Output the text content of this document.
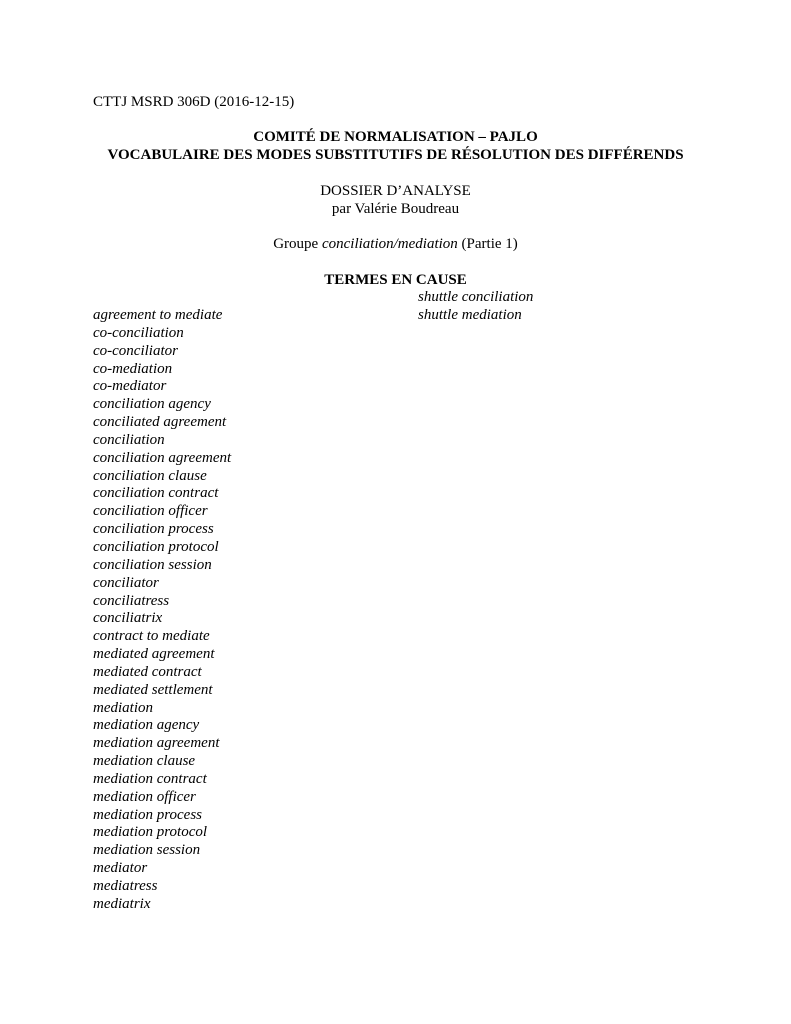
CTTJ MSRD 306D (2016-12-15)
COMITÉ DE NORMALISATION – PAJLO
VOCABULAIRE DES MODES SUBSTITUTIFS DE RÉSOLUTION DES DIFFÉRENDS
DOSSIER D’ANALYSE
par Valérie Boudreau
Groupe conciliation/mediation (Partie 1)
TERMES EN CAUSE
shuttle conciliation
shuttle mediation
agreement to mediate
co-conciliation
co-conciliator
co-mediation
co-mediator
conciliation agency
conciliated agreement
conciliation
conciliation agreement
conciliation clause
conciliation contract
conciliation officer
conciliation process
conciliation protocol
conciliation session
conciliator
conciliatress
conciliatrix
contract to mediate
mediated agreement
mediated contract
mediated settlement
mediation
mediation agency
mediation agreement
mediation clause
mediation contract
mediation officer
mediation process
mediation protocol
mediation session
mediator
mediatress
mediatrix
